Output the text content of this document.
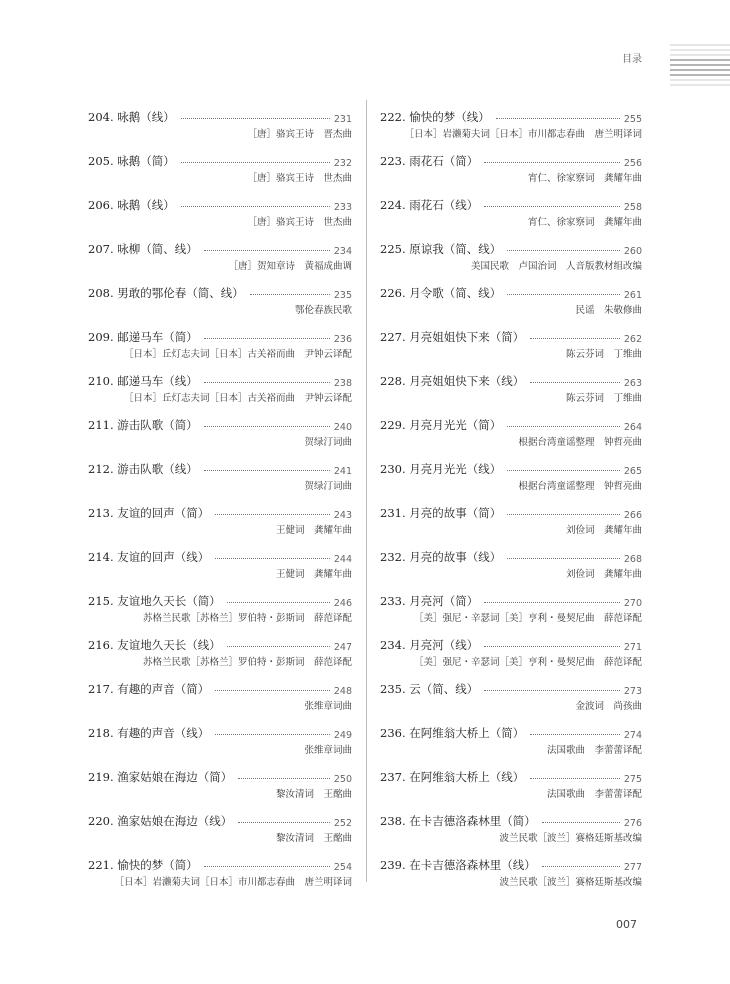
目录
204. 咏鹅（线）	231
［唐］骆宾王诗　晋杰曲
205. 咏鹅（简）	232
［唐］骆宾王诗　世杰曲
206. 咏鹅（线）	233
［唐］骆宾王诗　世杰曲
207. 咏柳（简、线）	234
［唐］贺知章诗　黄福成曲调
208. 男敢的鄂伦春（简、线）	235
鄂伦春族民歌
209. 邮递马车（简）	236
［日本］丘灯志夫词［日本］古关裕而曲　尹钟云译配
210. 邮递马车（线）	238
［日本］丘灯志夫词［日本］古关裕而曲　尹钟云译配
211. 游击队歌（简）	240
贺绿汀词曲
212. 游击队歌（线）	241
贺绿汀词曲
213. 友谊的回声（简）	243
王健词　龚耀年曲
214. 友谊的回声（线）	244
王健词　龚耀年曲
215. 友谊地久天长（简）	246
苏格兰民歌［苏格兰］罗伯特・彭斯词　薛范译配
216. 友谊地久天长（线）	247
苏格兰民歌［苏格兰］罗伯特・彭斯词　薛范译配
217. 有趣的声音（简）	248
张维章词曲
218. 有趣的声音（线）	249
张维章词曲
219. 渔家姑娘在海边（简）	250
黎汝清词　王酩曲
220. 渔家姑娘在海边（线）	252
黎汝清词　王酩曲
221. 愉快的梦（简）	254
［日本］岩濑菊夫词［日本］市川都志春曲　唐兰明译词
222. 愉快的梦（线）	255
［日本］岩濑菊夫词［日本］市川都志春曲　唐兰明译词
223. 雨花石（简）	256
宵仁、徐家察词　龚耀年曲
224. 雨花石（线）	258
宵仁、徐家察词　龚耀年曲
225. 原谅我（简、线）	260
美国民歌　卢国治词　人音版教材组改编
226. 月令歌（简、线）	261
民谣　朱敬修曲
227. 月亮姐姐快下来（简）	262
陈云芬词　丁维曲
228. 月亮姐姐快下来（线）	263
陈云芬词　丁维曲
229. 月亮月光光（简）	264
根据台湾童谣整理　钟哲亮曲
230. 月亮月光光（线）	265
根据台湾童谣整理　钟哲亮曲
231. 月亮的故事（简）	266
刘俭词　龚耀年曲
232. 月亮的故事（线）	268
刘俭词　龚耀年曲
233. 月亮河（简）	270
［美］强尼・辛瑟词［美］亨利・曼契尼曲　薛范译配
234. 月亮河（线）	271
［美］强尼・辛瑟词［美］亨利・曼契尼曲　薛范译配
235. 云（简、线）	273
金波词　尚孩曲
236. 在阿维翁大桥上（简）	274
法国歌曲　李蕾蕾译配
237. 在阿维翁大桥上（线）	275
法国歌曲　李蕾蕾译配
238. 在卡吉德洛森林里（简）	276
波兰民歌［波兰］赛格廷斯基改编
239. 在卡吉德洛森林里（线）	277
波兰民歌［波兰］赛格廷斯基改编
007
